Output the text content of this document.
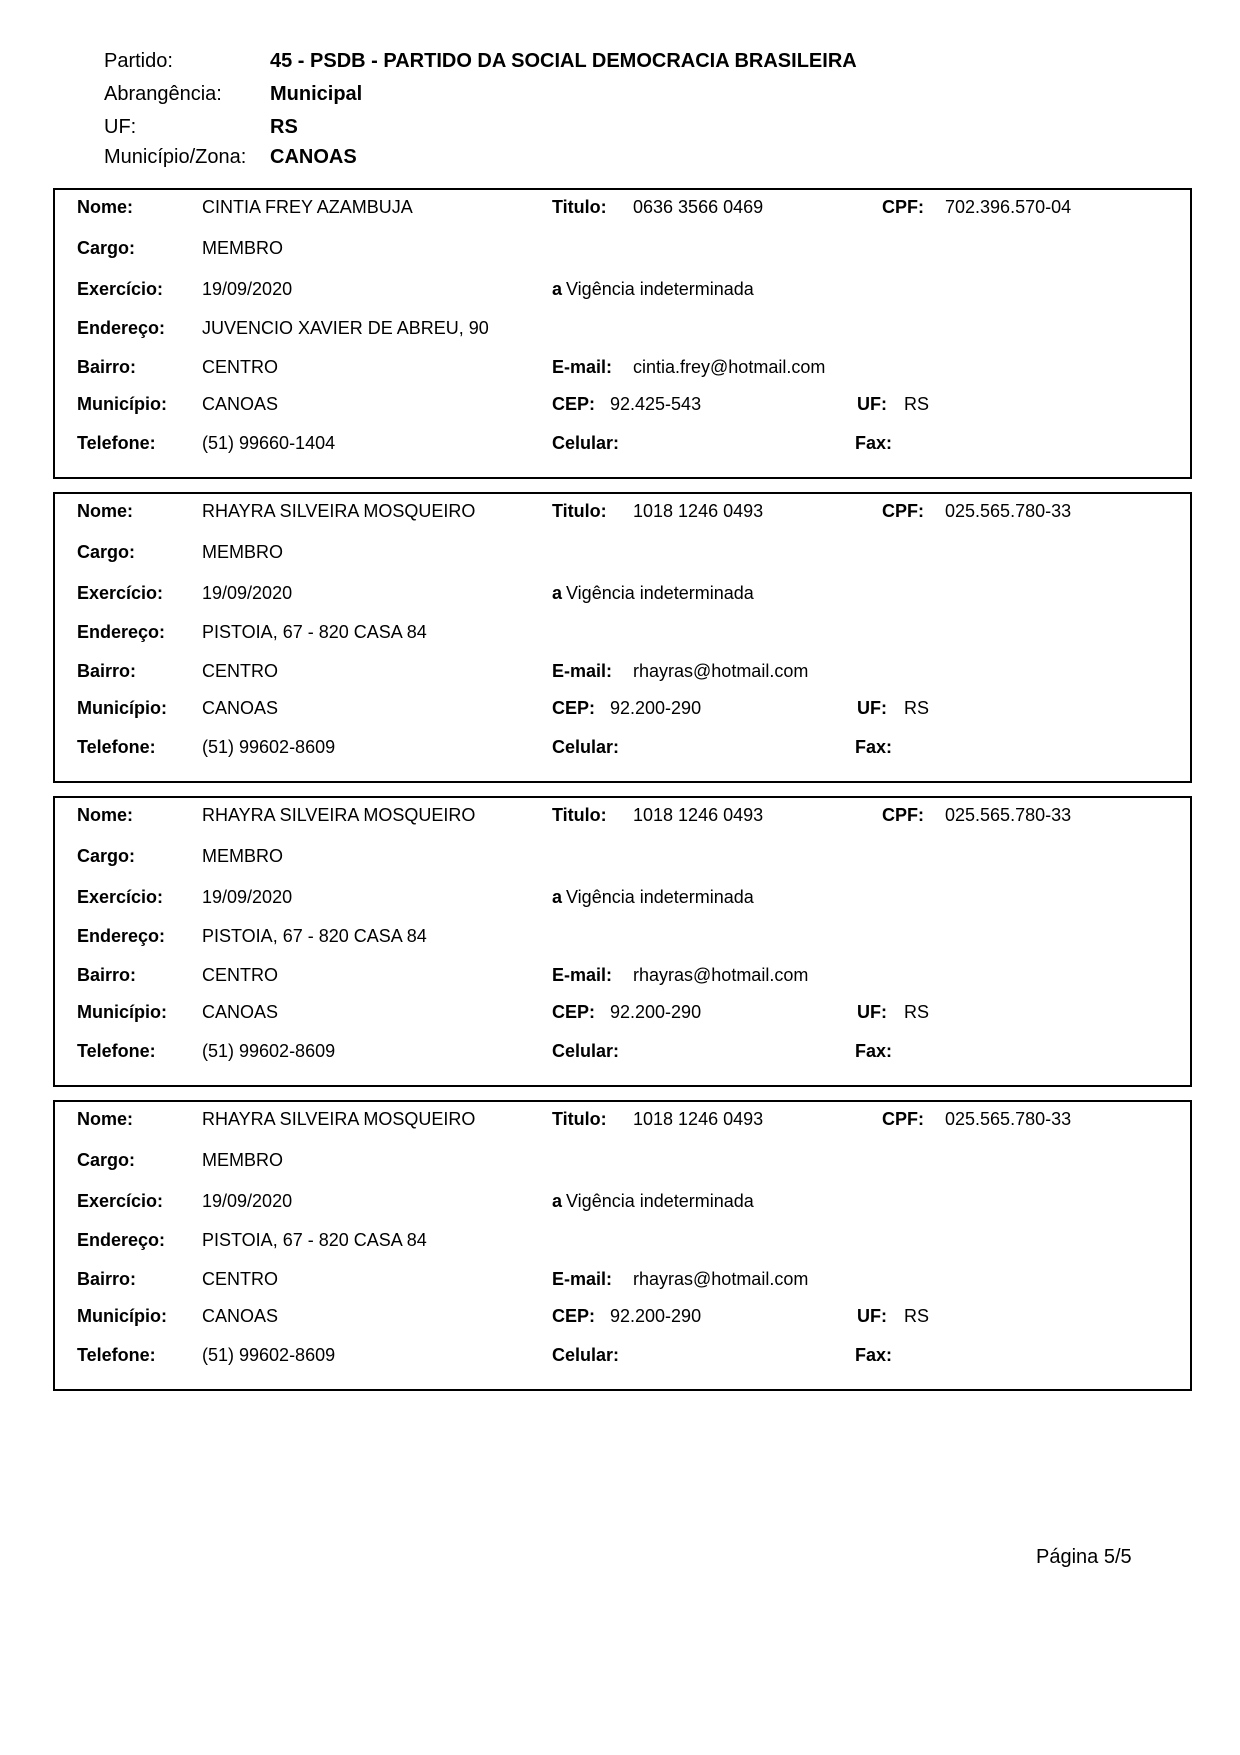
Partido:	45 - PSDB - PARTIDO DA SOCIAL DEMOCRACIA BRASILEIRA
Abrangência: Municipal
UF:	RS
Município/Zona: CANOAS
Nome:	CINTIA FREY AZAMBUJA	Titulo: 0636 3566 0469	CPF: 702.396.570-04
Cargo:	MEMBRO
Exercício: 19/09/2020	a Vigência indeterminada
Endereço: JUVENCIO XAVIER DE ABREU, 90
Bairro:	CENTRO	E-mail: cintia.frey@hotmail.com
Município: CANOAS	CEP: 92.425-543	UF: RS
Telefone:	(51) 99660-1404	Celular:	Fax:
Nome:	RHAYRA SILVEIRA MOSQUEIRO	Titulo: 1018 1246 0493	CPF: 025.565.780-33
Cargo:	MEMBRO
Exercício: 19/09/2020	a Vigência indeterminada
Endereço: PISTOIA, 67 - 820 CASA 84
Bairro:	CENTRO	E-mail: rhayras@hotmail.com
Município: CANOAS	CEP: 92.200-290	UF: RS
Telefone:	(51) 99602-8609	Celular:	Fax:
Nome:	RHAYRA SILVEIRA MOSQUEIRO	Titulo: 1018 1246 0493	CPF: 025.565.780-33
Cargo:	MEMBRO
Exercício: 19/09/2020	a Vigência indeterminada
Endereço: PISTOIA, 67 - 820 CASA 84
Bairro:	CENTRO	E-mail: rhayras@hotmail.com
Município: CANOAS	CEP: 92.200-290	UF: RS
Telefone:	(51) 99602-8609	Celular:	Fax:
Nome:	RHAYRA SILVEIRA MOSQUEIRO	Titulo: 1018 1246 0493	CPF: 025.565.780-33
Cargo:	MEMBRO
Exercício: 19/09/2020	a Vigência indeterminada
Endereço: PISTOIA, 67 - 820 CASA 84
Bairro:	CENTRO	E-mail: rhayras@hotmail.com
Município: CANOAS	CEP: 92.200-290	UF: RS
Telefone:	(51) 99602-8609	Celular:	Fax:
Página 5/5
